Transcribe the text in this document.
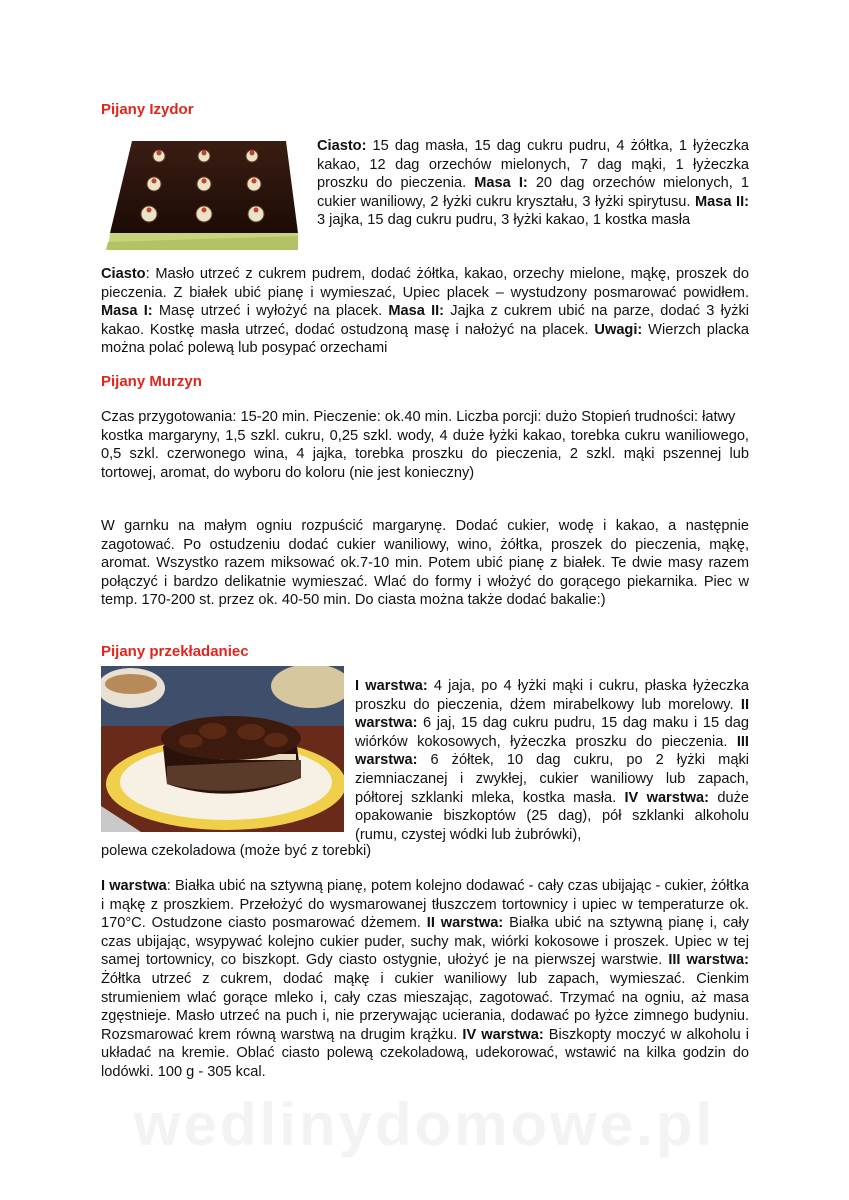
Pijany Izydor
Ciasto: 15 dag masła, 15 dag cukru pudru, 4 żółtka, 1 łyżeczka kakao, 12 dag orzechów mielonych, 7 dag mąki, 1 łyżeczka proszku do pieczenia. Masa I: 20 dag orzechów mielonych, 1 cukier waniliowy, 2 łyżki cukru kryształu, 3 łyżki spirytusu. Masa II: 3 jajka, 15 dag cukru pudru, 3 łyżki kakao, 1 kostka masła
Ciasto: Masło utrzeć z cukrem pudrem, dodać żółtka, kakao, orzechy mielone, mąkę, proszek do pieczenia. Z białek ubić pianę i wymieszać, Upiec placek – wystudzony posmarować powidłem. Masa I: Masę utrzeć i wyłożyć na placek. Masa II: Jajka z cukrem ubić na parze, dodać 3 łyżki kakao. Kostkę masła utrzeć, dodać ostudzoną masę i nałożyć na placek. Uwagi: Wierzch placka można polać polewą lub posypać orzechami
Pijany Murzyn

Czas przygotowania: 15-20 min. Pieczenie: ok.40 min. Liczba porcji: dużo Stopień trudności: łatwy

kostka margaryny, 1,5 szkl. cukru, 0,25 szkl. wody, 4 duże łyżki kakao, torebka cukru waniliowego, 0,5 szkl. czerwonego wina, 4 jajka, torebka proszku do pieczenia, 2 szkl. mąki pszennej lub tortowej, aromat, do wyboru do koloru (nie jest konieczny)

W garnku na małym ogniu rozpuścić margarynę. Dodać cukier, wodę i kakao, a następnie zagotować. Po ostudzeniu dodać cukier waniliowy, wino, żółtka, proszek do pieczenia, mąkę, aromat. Wszystko razem miksować ok.7-10 min. Potem ubić pianę z białek. Te dwie masy razem połączyć i bardzo delikatnie wymieszać. Wlać do formy i włożyć do gorącego piekarnika. Piec w temp. 170-200 st. przez ok. 40-50 min. Do ciasta można także dodać bakalie:)
Pijany przekładaniec
I warstwa: 4 jaja, po 4 łyżki mąki i cukru, płaska łyżeczka proszku do pieczenia, dżem mirabelkowy lub morelowy. II warstwa: 6 jaj, 15 dag cukru pudru, 15 dag maku i 15 dag wiórków kokosowych, łyżeczka proszku do pieczenia. III warstwa: 6 żółtek, 10 dag cukru, po 2 łyżki mąki ziemniaczanej i zwykłej, cukier waniliowy lub zapach, półtorej szklanki mleka, kostka masła. IV warstwa: duże opakowanie biszkoptów (25 dag), pół szklanki alkoholu (rumu, czystej wódki lub żubrówki),
polewa czekoladowa (może być z torebki)
I warstwa: Białka ubić na sztywną pianę, potem kolejno dodawać - cały czas ubijając - cukier, żółtka i mąkę z proszkiem. Przełożyć do wysmarowanej tłuszczem tortownicy i upiec w temperaturze ok. 170°C. Ostudzone ciasto posmarować dżemem. II warstwa: Białka ubić na sztywną pianę i, cały czas ubijając, wsypywać kolejno cukier puder, suchy mak, wiórki kokosowe i proszek. Upiec w tej samej tortownicy, co biszkopt. Gdy ciasto ostygnie, ułożyć je na pierwszej warstwie. III warstwa: Żółtka utrzeć z cukrem, dodać mąkę i cukier waniliowy lub zapach, wymieszać. Cienkim strumieniem wlać gorące mleko i, cały czas mieszając, zagotować. Trzymać na ogniu, aż masa zgęstnieje. Masło utrzeć na puch i, nie przerywając ucierania, dodawać po łyżce zimnego budyniu. Rozsmarować krem równą warstwą na drugim krążku. IV warstwa: Biszkopty moczyć w alkoholu i układać na kremie. Oblać ciasto polewą czekoladową, udekorować, wstawić na kilka godzin do lodówki. 100 g - 305 kcal.
wedlinydomowe.pl
